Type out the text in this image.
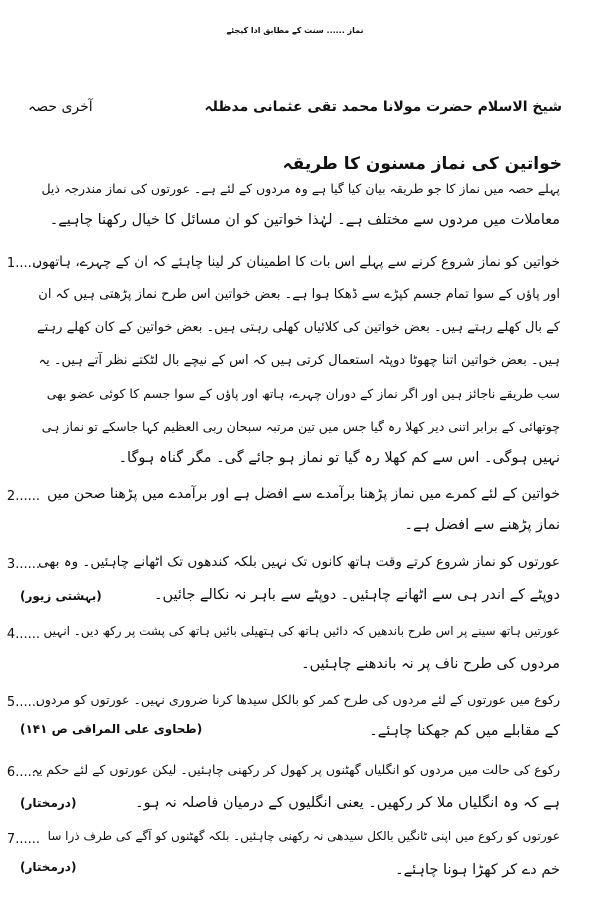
نماز ...... سنت کے مطابق ادا کیجئے
شیخ الاسلام حضرت مولانا محمد تقی عثمانی مدظلہ
آخری حصہ
خواتین کی نماز مسنون کا طریقہ
پہلے حصہ میں نماز کا جو طریقہ بیان کیا گیا ہے وہ مردوں کے لئے ہے۔ عورتوں کی نماز مندرجہ ذیل
معاملات میں مردوں سے مختلف ہے۔ لہٰذا خواتین کو ان مسائل کا خیال رکھنا چاہیے۔
1......
خواتین کو نماز شروع کرنے سے پہلے اس بات کا اطمینان کر لینا چاہئے کہ ان کے چہرے، ہاتھوں
اور پاؤں کے سوا تمام جسم کپڑے سے ڈھکا ہوا ہے۔ بعض خواتین اس طرح نماز پڑھتی ہیں کہ ان
کے بال کھلے رہتے ہیں۔ بعض خواتین کی کلائیاں کھلی رہتی ہیں۔ بعض خواتین کے کان کھلے رہتے
ہیں۔ بعض خواتین اتنا چھوٹا دوپٹہ استعمال کرتی ہیں کہ اس کے نیچے بال لٹکتے نظر آتے ہیں۔ یہ
سب طریقے ناجائز ہیں اور اگر نماز کے دوران چہرے، ہاتھ اور پاؤں کے سوا جسم کا کوئی عضو بھی
چوتھائی کے برابر اتنی دیر کھلا رہ گیا جس میں تین مرتبہ سبحان ربی العظیم کہا جاسکے تو نماز ہی
نہیں ہوگی۔ اس سے کم کھلا رہ گیا تو نماز ہو جائے گی۔ مگر گناہ ہوگا۔
2...... خواتین کے لئے کمرے میں نماز پڑھنا برآمدے سے افضل ہے اور برآمدے میں پڑھنا صحن میں
نماز پڑھنے سے افضل ہے۔
3......
عورتوں کو نماز شروع کرتے وقت ہاتھ کانوں تک نہیں بلکہ کندھوں تک اٹھانے چاہئیں۔ وہ بھی
دوپٹے کے اندر ہی سے اٹھانے چاہئیں۔ دوپٹے سے باہر نہ نکالے جائیں۔
(بہشتی زیور)
4...... عورتیں ہاتھ سینے پر اس طرح باندھیں کہ دائیں ہاتھ کی ہتھیلی بائیں ہاتھ کی پشت پر رکھ دیں۔ انہیں
مردوں کی طرح ناف پر نہ باندھنے چاہئیں۔
5......
رکوع میں عورتوں کے لئے مردوں کی طرح کمر کو بالکل سیدھا کرنا ضروری نہیں۔ عورتوں کو مردوں
کے مقابلے میں کم جھکنا چاہئے۔
(طحاوی علی المراقی ص ۱۴۱)
6......
رکوع کی حالت میں مردوں کو انگلیاں گھٹنوں پر کھول کر رکھنی چاہئیں۔ لیکن عورتوں کے لئے حکم یہ
ہے کہ وہ انگلیاں ملا کر رکھیں۔ یعنی انگلیوں کے درمیان فاصلہ نہ ہو۔
(درمختار)
7...... عورتوں کو رکوع میں اپنی ٹانگیں بالکل سیدھی نہ رکھنی چاہئیں۔ بلکہ گھٹنوں کو آگے کی طرف ذرا سا
خم دے کر کھڑا ہونا چاہئے۔
(درمختار)
